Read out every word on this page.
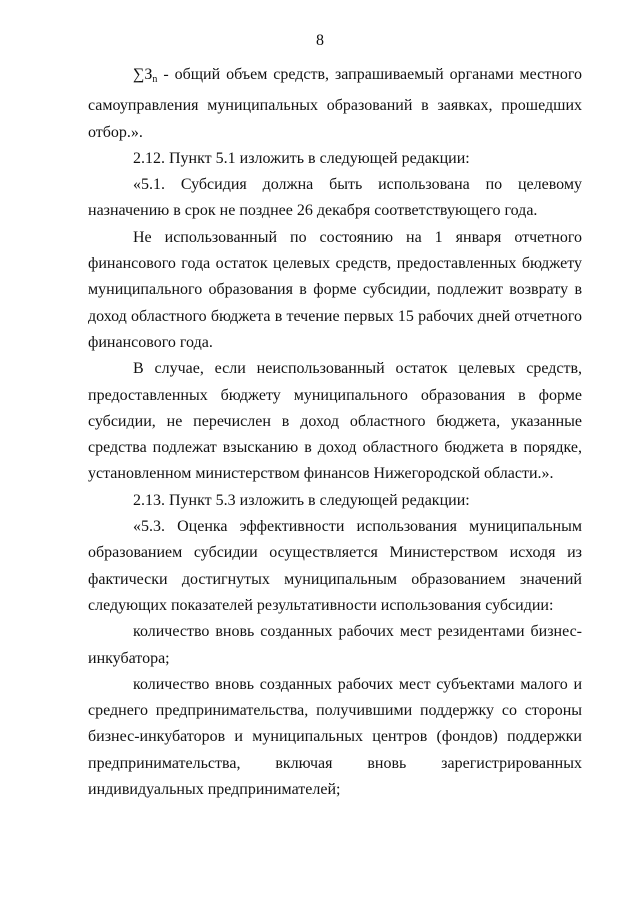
8

$\sum З_n$ - общий объем средств, запрашиваемый органами местного самоуправления муниципальных образований в заявках, прошедших отбор.».

2.12. Пункт 5.1 изложить в следующей редакции:

«5.1. Субсидия должна быть использована по целевому назначению в срок не позднее 26 декабря соответствующего года.

Не использованный по состоянию на 1 января отчетного финансового года остаток целевых средств, предоставленных бюджету муниципального образования в форме субсидии, подлежит возврату в доход областного бюджета в течение первых 15 рабочих дней отчетного финансового года.

В случае, если неиспользованный остаток целевых средств, предоставленных бюджету муниципального образования в форме субсидии, не перечислен в доход областного бюджета, указанные средства подлежат взысканию в доход областного бюджета в порядке, установленном министерством финансов Нижегородской области.».

2.13. Пункт 5.3 изложить в следующей редакции:

«5.3. Оценка эффективности использования муниципальным образованием субсидии осуществляется Министерством исходя из фактически достигнутых муниципальным образованием значений следующих показателей результативности использования субсидии:

количество вновь созданных рабочих мест резидентами бизнес-инкубатора;

количество вновь созданных рабочих мест субъектами малого и среднего предпринимательства, получившими поддержку со стороны бизнес-инкубаторов и муниципальных центров (фондов) поддержки предпринимательства, включая вновь зарегистрированных индивидуальных предпринимателей;
